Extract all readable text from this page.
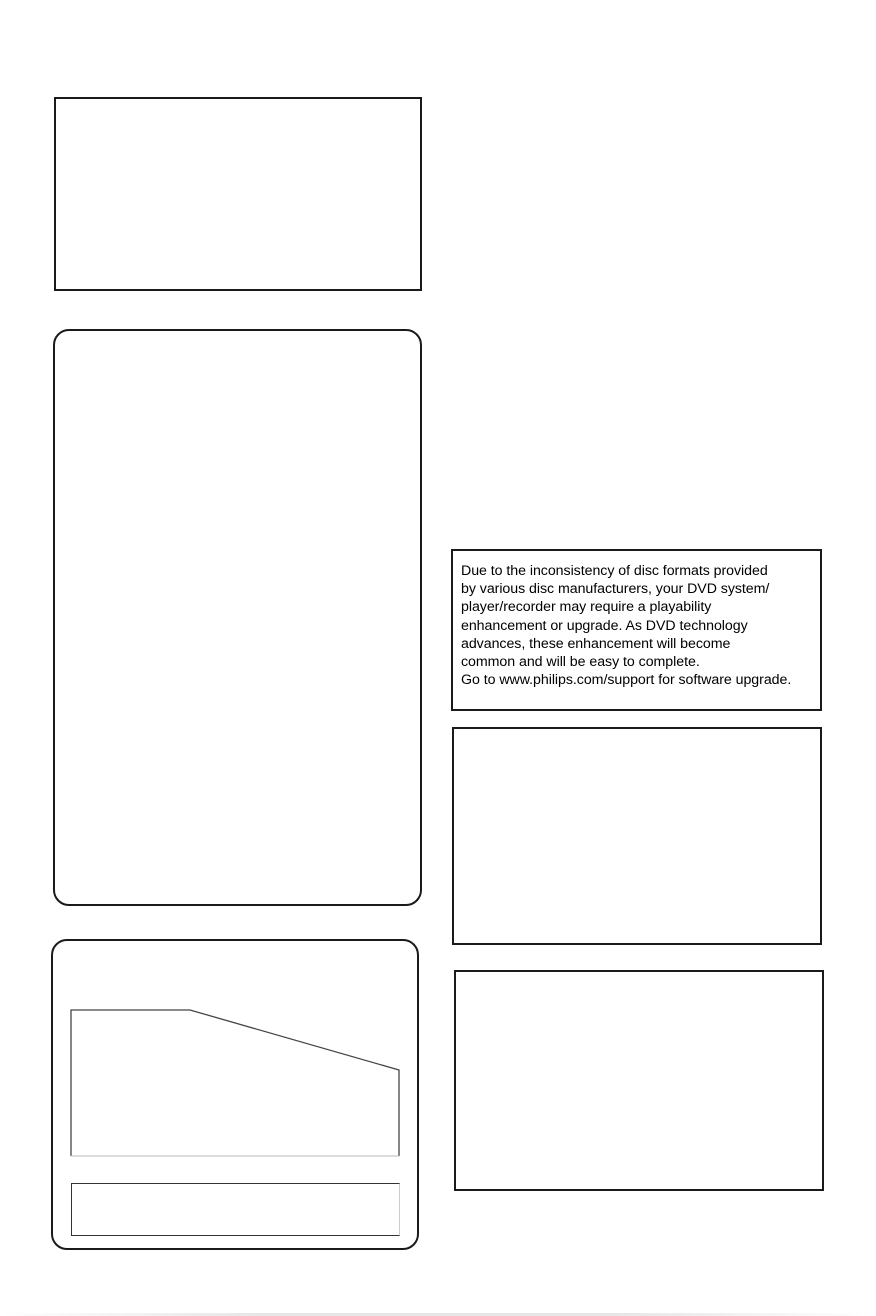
Due to the inconsistency of disc formats provided
by various disc manufacturers, your DVD system/
player/recorder may require a playability
enhancement or upgrade. As DVD technology
advances, these enhancement will become
common and will be easy to complete.
Go to www.philips.com/support for software upgrade.
